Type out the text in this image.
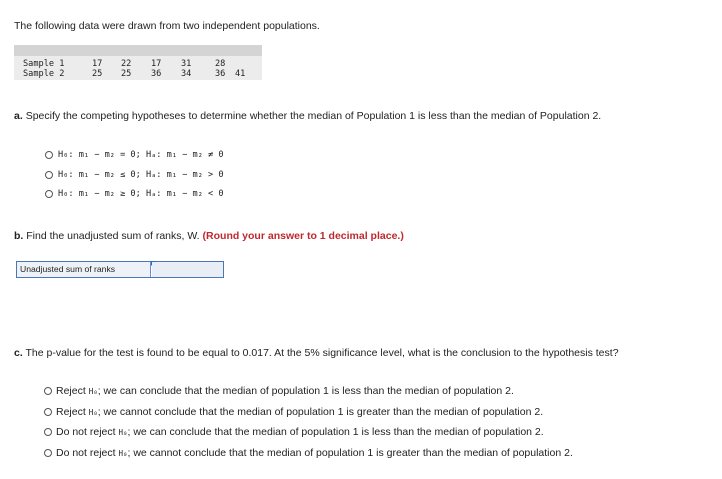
The following data were drawn from two independent populations.
Sample 1	17 22 17 31	28
Sample 2	25 25 36 34	36 41
a. Specify the competing hypotheses to determine whether the median of Population 1 is less than the median of Population 2.
H₀: m₁ − m₂ = 0; Hₐ: m₁ − m₂ ≠ 0
H₀: m₁ − m₂ ≤ 0; Hₐ: m₁ − m₂ > 0
H₀: m₁ − m₂ ≥ 0; Hₐ: m₁ − m₂ < 0
b. Find the unadjusted sum of ranks, W. (Round your answer to 1 decimal place.)
Unadjusted sum of ranks
c. The p-value for the test is found to be equal to 0.017. At the 5% significance level, what is the conclusion to the hypothesis test?
Reject H₀; we can conclude that the median of population 1 is less than the median of population 2.
Reject H₀; we cannot conclude that the median of population 1 is greater than the median of population 2.
Do not reject H₀; we can conclude that the median of population 1 is less than the median of population 2.
Do not reject H₀; we cannot conclude that the median of population 1 is greater than the median of population 2.
